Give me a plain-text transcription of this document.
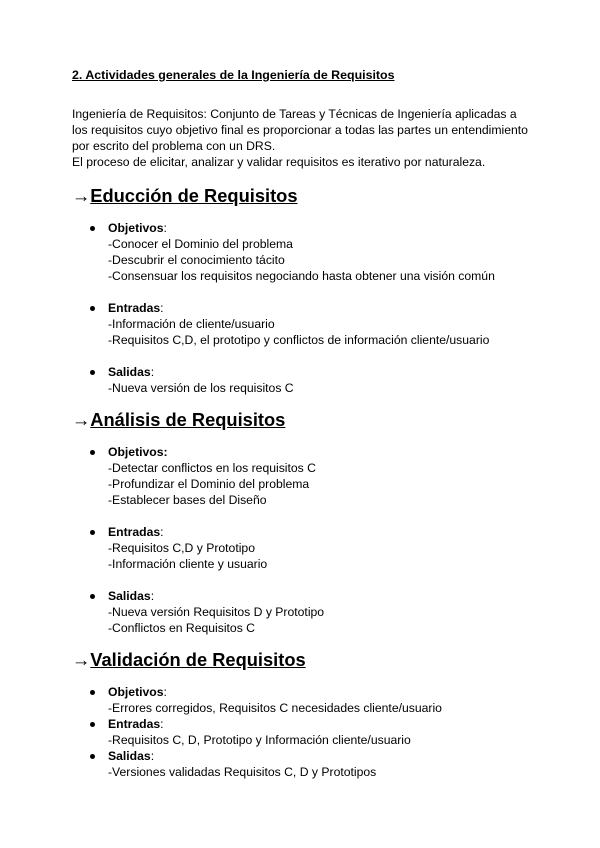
2. Actividades generales de la Ingeniería de Requisitos

Ingeniería de Requisitos: Conjunto de Tareas y Técnicas de Ingeniería aplicadas a

los requisitos cuyo objetivo final es proporcionar a todas las partes un entendimiento

por escrito del problema con un DRS.

El proceso de elicitar, analizar y validar requisitos es iterativo por naturaleza.

→Educción de Requisitos
Objetivos:
-Conocer el Dominio del problema
-Descubrir el conocimiento tácito
-Consensuar los requisitos negociando hasta obtener una visión común
Entradas:
-Información de cliente/usuario
-Requisitos C,D, el prototipo y conflictos de información cliente/usuario
Salidas:
-Nueva versión de los requisitos C
→Análisis de Requisitos
Objetivos:
-Detectar conflictos en los requisitos C
-Profundizar el Dominio del problema
-Establecer bases del Diseño
Entradas:
-Requisitos C,D y Prototipo
-Información cliente y usuario
Salidas:
-Nueva versión Requisitos D y Prototipo
-Conflictos en Requisitos C
→Validación de Requisitos
Objetivos:
-Errores corregidos, Requisitos C necesidades cliente/usuario
Entradas:
-Requisitos C, D, Prototipo y Información cliente/usuario
Salidas:
-Versiones validadas Requisitos C, D y Prototipos
